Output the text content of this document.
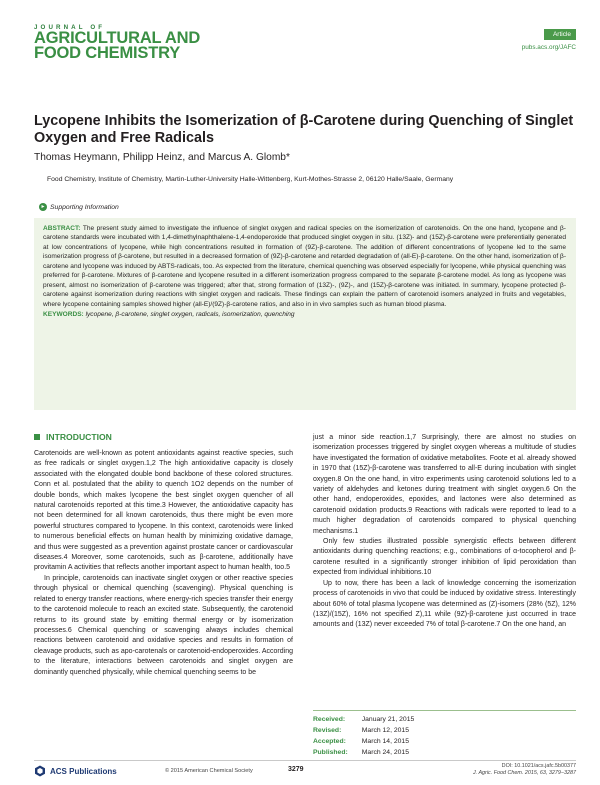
JOURNAL OF
AGRICULTURAL AND
FOOD CHEMISTRY
Article
pubs.acs.org/JAFC
Lycopene Inhibits the Isomerization of β-Carotene during Quenching of Singlet Oxygen and Free Radicals
Thomas Heymann, Philipp Heinz, and Marcus A. Glomb*
Food Chemistry, Institute of Chemistry, Martin-Luther-University Halle-Wittenberg, Kurt-Mothes-Strasse 2, 06120 Halle/Saale, Germany
▸ Supporting Information
ABSTRACT: The present study aimed to investigate the influence of singlet oxygen and radical species on the isomerization of carotenoids. On the one hand, lycopene and β-carotene standards were incubated with 1,4-dimethylnaphthalene-1,4-endoperoxide that produced singlet oxygen in situ. (13Z)- and (15Z)-β-carotene were preferentially generated at low concentrations of lycopene, while high concentrations resulted in formation of (9Z)-β-carotene. The addition of different concentrations of lycopene led to the same isomerization progress of β-carotene, but resulted in a decreased formation of (9Z)-β-carotene and retarded degradation of (all-E)-β-carotene. On the other hand, isomerization of β-carotene and lycopene was induced by ABTS-radicals, too. As expected from the literature, chemical quenching was observed especially for lycopene, while physical quenching was preferred for β-carotene. Mixtures of β-carotene and lycopene resulted in a different isomerization progress compared to the separate β-carotene model. As long as lycopene was present, almost no isomerization of β-carotene was triggered; after that, strong formation of (13Z)-, (9Z)-, and (15Z)-β-carotene was initiated. In summary, lycopene protected β-carotene against isomerization during reactions with singlet oxygen and radicals. These findings can explain the pattern of carotenoid isomers analyzed in fruits and vegetables, where lycopene containing samples showed higher (all-E)/(9Z)-β-carotene ratios, and also in in vivo samples such as human blood plasma.
KEYWORDS: lycopene, β-carotene, singlet oxygen, radicals, isomerization, quenching
INTRODUCTION

Carotenoids are well-known as potent antioxidants against reactive species, such as free radicals or singlet oxygen.1,2 The high antioxidative capacity is closely associated with the elongated double bond backbone of these colored structures. Conn et al. postulated that the ability to quench 1O2 depends on the number of double bonds, which makes lycopene the best singlet oxygen quencher of all natural carotenoids reported at this time.3 However, the antioxidative capacity has not been determined for all known carotenoids, thus there might be even more powerful structures compared to lycopene. In this context, carotenoids were linked to numerous beneficial effects on human health by minimizing oxidative damage, and thus were suggested as a prevention against prostate cancer or cardiovascular diseases.4 Moreover, some carotenoids, such as β-carotene, additionally have provitamin A activities that reflects another important aspect to human health, too.5

In principle, carotenoids can inactivate singlet oxygen or other reactive species through physical or chemical quenching (scavenging). Physical quenching is related to energy transfer reactions, where energy-rich species transfer their energy to the carotenoid molecule to reach an excited state. Subsequently, the carotenoid returns to its ground state by emitting thermal energy or by isomerization processes.6 Chemical quenching or scavenging always includes chemical reactions between carotenoid and oxidative species and results in formation of cleavage products, such as apo-carotenals or carotenoid-endoperoxides. According to the literature, interactions between carotenoids and singlet oxygen are dominantly quenched physically, while chemical quenching seems to be

just a minor side reaction.1,7 Surprisingly, there are almost no studies on isomerization processes triggered by singlet oxygen whereas a multitude of studies have investigated the formation of oxidative metabolites. Foote et al. already showed in 1970 that (15Z)-β-carotene was transferred to all-E during incubation with singlet oxygen.8 On the one hand, in vitro experiments using carotenoid solutions led to a variety of aldehydes and ketones during treatment with singlet oxygen.6 On the other hand, endoperoxides, epoxides, and lactones were also determined as carotenoid oxidation products.9 Reactions with radicals were reported to lead to a much higher degradation of carotenoids compared to physical quenching mechanisms.1

Only few studies illustrated possible synergistic effects between different antioxidants during quenching reactions; e.g., combinations of α-tocopherol and β-carotene resulted in a significantly stronger inhibition of lipid peroxidation than expected from individual inhibitions.10

Up to now, there has been a lack of knowledge concerning the isomerization process of carotenoids in vivo that could be induced by oxidative stress. Interestingly about 60% of total plasma lycopene was determined as (Z)-isomers (28% (5Z), 12% (13Z)/(15Z), 16% not specified Z),11 while (9Z)-β-carotene just occurred in trace amounts and (13Z) never exceeded 7% of total β-carotene.7 On the one hand, an

Received:	January 21, 2015
Revised:	March 12, 2015
Accepted:	March 14, 2015
Published:	March 24, 2015
ACS Publications	© 2015 American Chemical Society	3279	DOI: 10.1021/acs.jafc.5b00377
J. Agric. Food Chem. 2015, 63, 3279−3287
